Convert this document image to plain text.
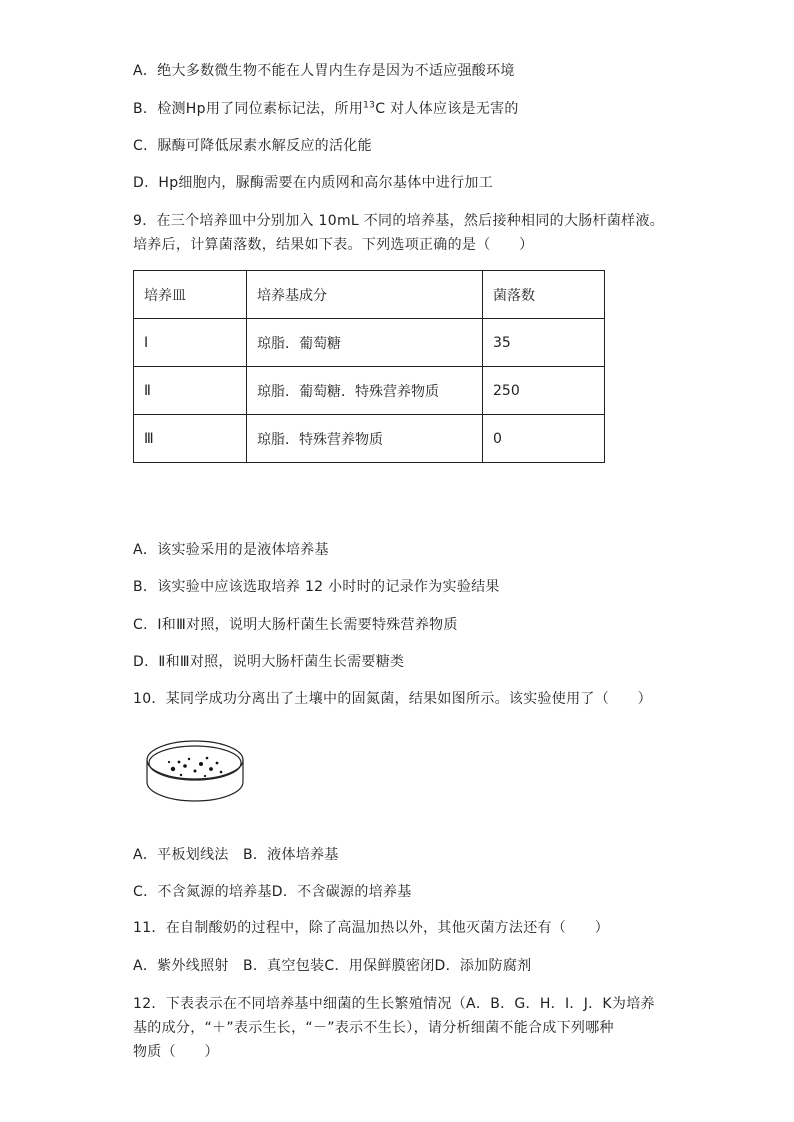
A．绝大多数微生物不能在人胃内生存是因为不适应强酸环境
B．检测Hp用了同位素标记法，所用$^{13}$C 对人体应该是无害的
C．脲酶可降低尿素水解反应的活化能
D．Hp细胞内，脲酶需要在内质网和高尔基体中进行加工
9．在三个培养皿中分别加入 10mL 不同的培养基，然后接种相同的大肠杆菌样液。
培养后，计算菌落数，结果如下表。下列选项正确的是（　　）
培养皿	培养基成分	菌落数
Ⅰ	琼脂．葡萄糖	35
Ⅱ	琼脂．葡萄糖．特殊营养物质	250
Ⅲ	琼脂．特殊营养物质	0
A．该实验采用的是液体培养基
B．该实验中应该选取培养 12 小时时的记录作为实验结果
C．Ⅰ和Ⅲ对照，说明大肠杆菌生长需要特殊营养物质
D．Ⅱ和Ⅲ对照，说明大肠杆菌生长需要糖类
10．某同学成功分离出了土壤中的固氮菌，结果如图所示。该实验使用了（　　）
A．平板划线法　B．液体培养基
C．不含氮源的培养基D．不含碳源的培养基
11．在自制酸奶的过程中，除了高温加热以外，其他灭菌方法还有（　　）
A．紫外线照射　B．真空包装C．用保鲜膜密闭D．添加防腐剂
12．下表表示在不同培养基中细菌的生长繁殖情况（A．B．G．H．I．J．K为培养
基的成分，“＋”表示生长，“－”表示不生长），请分析细菌不能合成下列哪种
物质（　　）
